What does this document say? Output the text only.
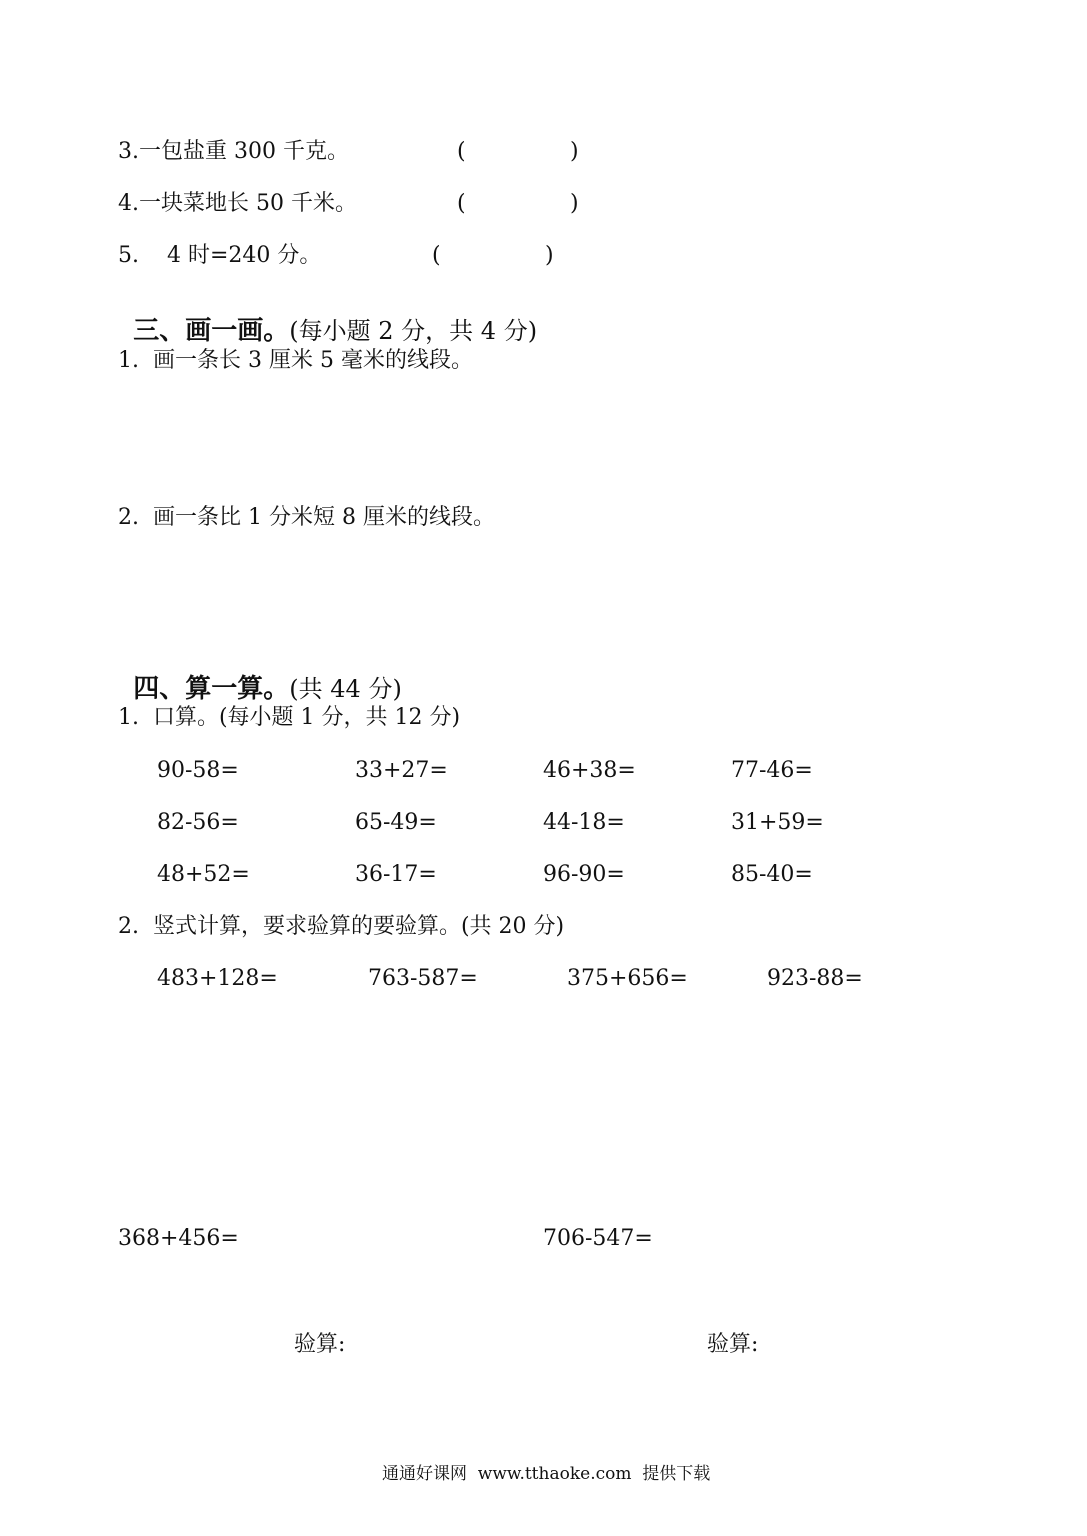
3.一包盐重 300 千克。	(	)
4.一块菜地长 50 千米。	(	)
5.    4 时=240 分。	(	)

三、画一画。(每小题 2 分，共 4 分)

1.  画一条长 3 厘米 5 毫米的线段。
2.  画一条比 1 分米短 8 厘米的线段。

四、算一算。(共 44 分)

1.  口算。(每小题 1 分，共 12 分)
90-58=	33+27=	46+38=	77-46=
82-56=	65-49=	44-18=	31+59=
48+52=	36-17=	96-90=	85-40=
2.  竖式计算，要求验算的要验算。(共 20 分)
483+128=	763-587=	375+656=	923-88=
368+456=	706-547=
验算:	验算:
通通好课网  www.tthaoke.com  提供下载
